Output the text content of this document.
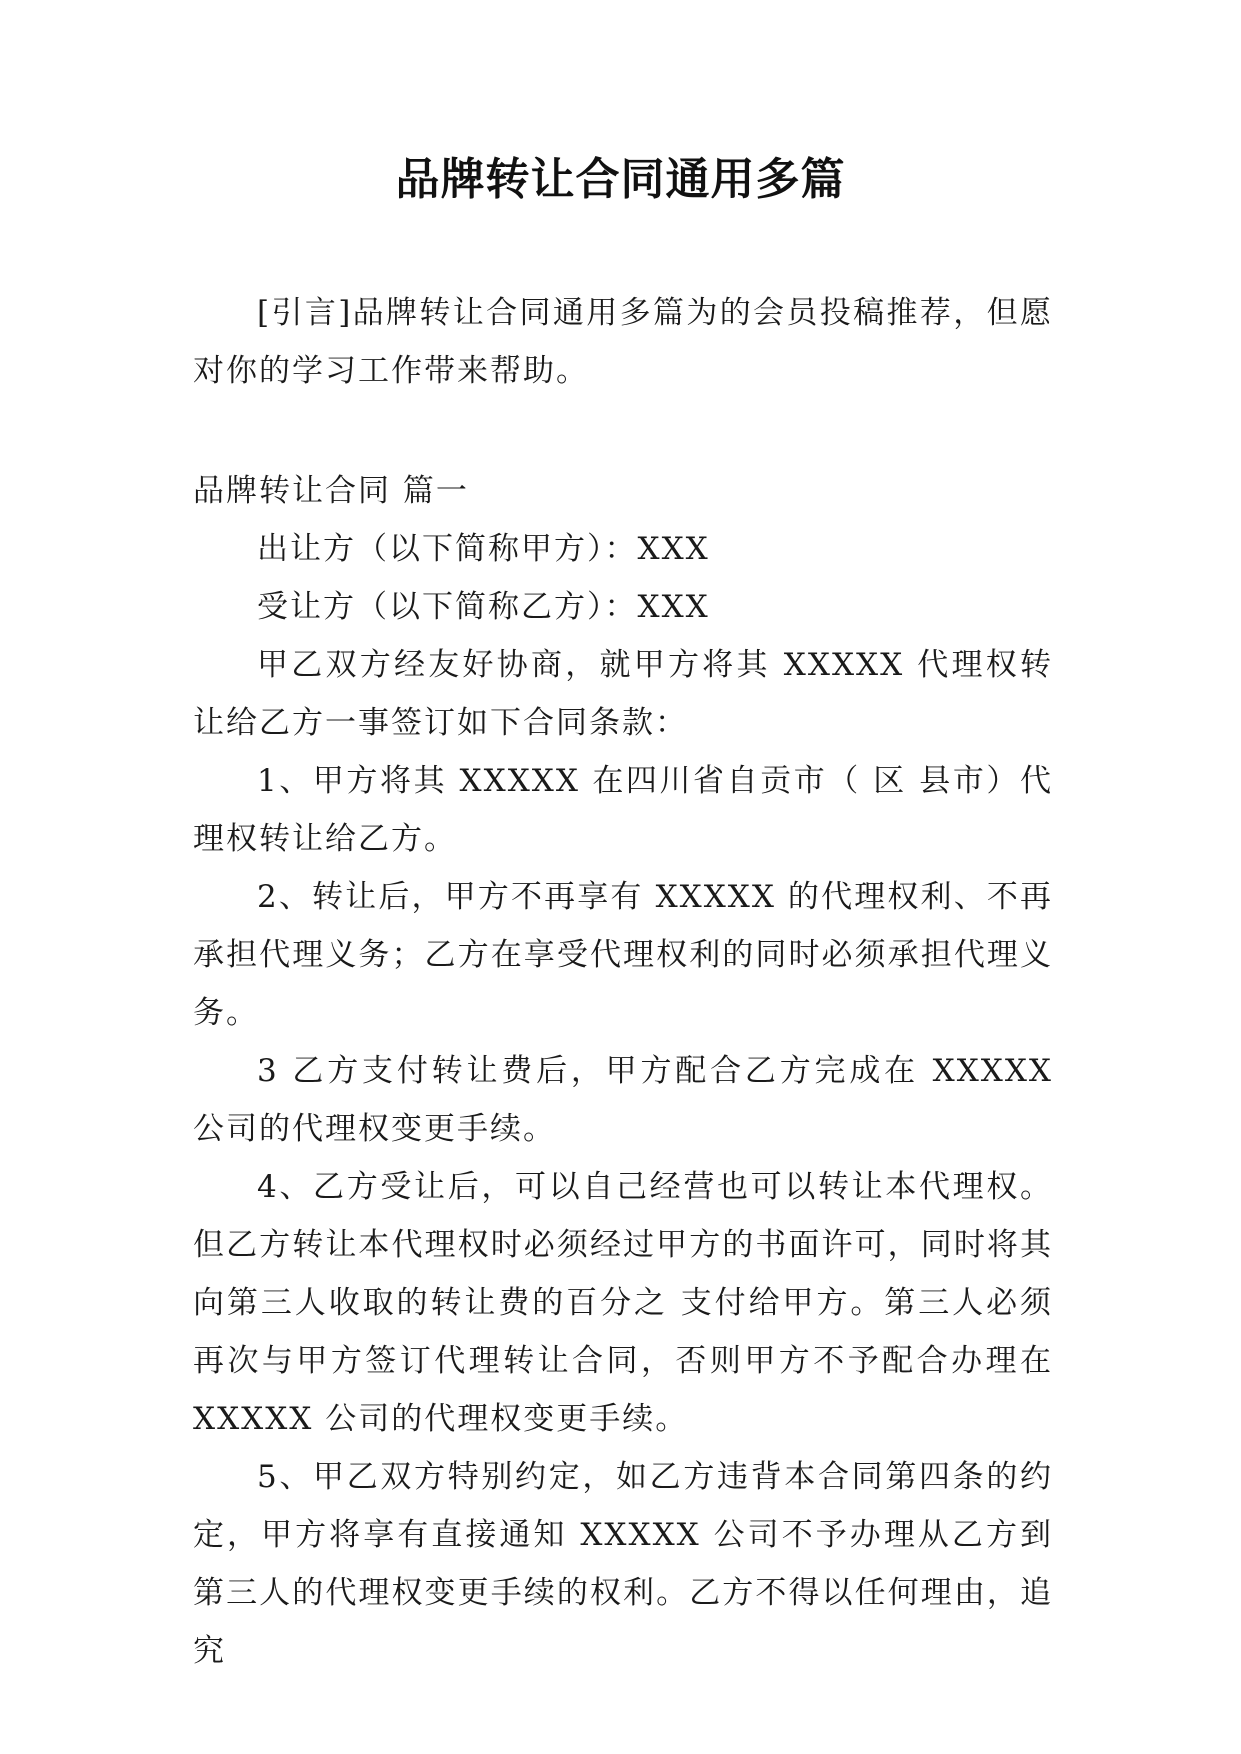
品牌转让合同通用多篇

[引言]品牌转让合同通用多篇为的会员投稿推荐，但愿对你的学习工作带来帮助。

品牌转让合同 篇一

出让方（以下简称甲方）：XXX

受让方（以下简称乙方）：XXX

甲乙双方经友好协商，就甲方将其 XXXXX 代理权转让给乙方一事签订如下合同条款：

1、甲方将其 XXXXX 在四川省自贡市（ 区 县市）代理权转让给乙方。

2、转让后，甲方不再享有 XXXXX 的代理权利、不再承担代理义务；乙方在享受代理权利的同时必须承担代理义务。

3 乙方支付转让费后，甲方配合乙方完成在 XXXXX 公司的代理权变更手续。

4、乙方受让后，可以自己经营也可以转让本代理权。但乙方转让本代理权时必须经过甲方的书面许可，同时将其向第三人收取的转让费的百分之 支付给甲方。第三人必须再次与甲方签订代理转让合同，否则甲方不予配合办理在 XXXXX 公司的代理权变更手续。

5、甲乙双方特别约定，如乙方违背本合同第四条的约定，甲方将享有直接通知 XXXXX 公司不予办理从乙方到第三人的代理权变更手续的权利。乙方不得以任何理由，追究
